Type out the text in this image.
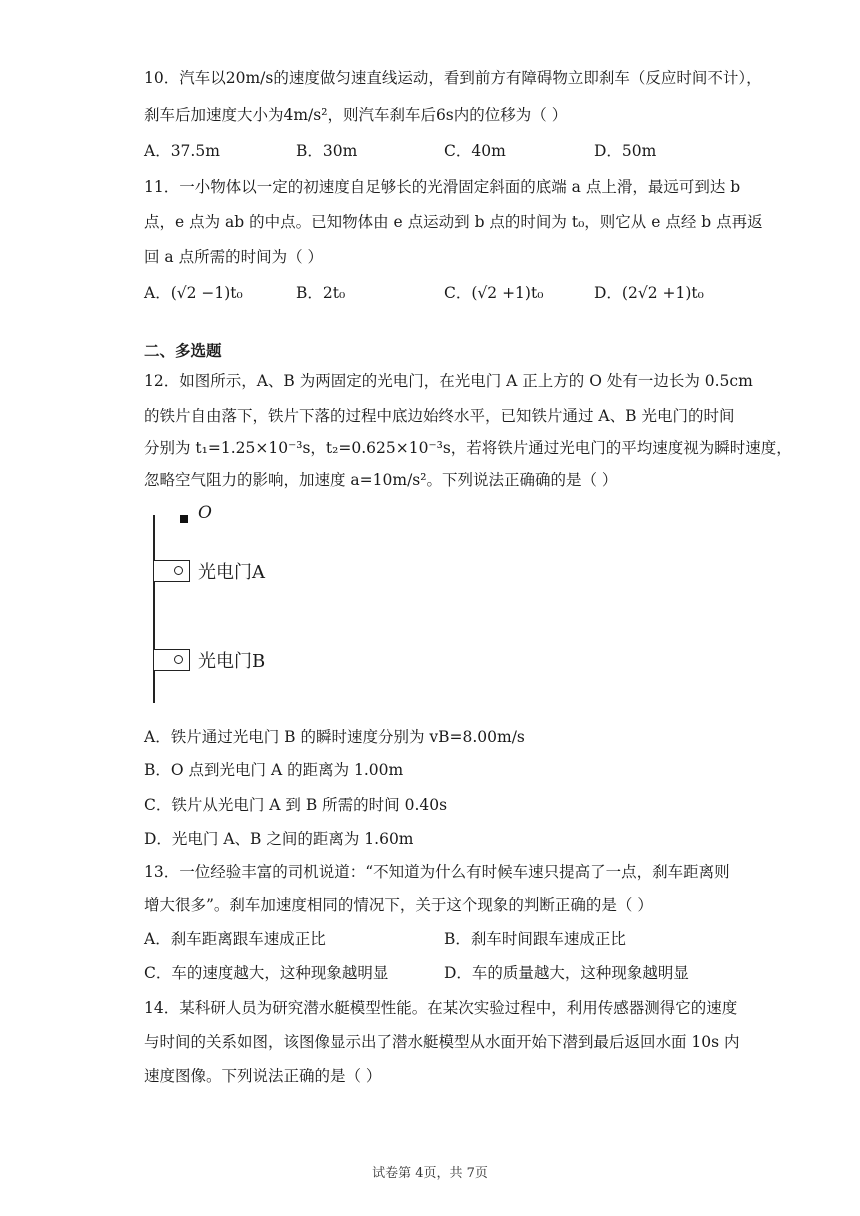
10．汽车以20m/s的速度做匀速直线运动，看到前方有障碍物立即刹车（反应时间不计），
刹车后加速度大小为4m/s²，则汽车刹车后6s内的位移为（ ）
A．37.5m	B．30m	C．40m	D．50m
11．一小物体以一定的初速度自足够长的光滑固定斜面的底端 a 点上滑，最远可到达 b
点，e 点为 ab 的中点。已知物体由 e 点运动到 b 点的时间为 t₀，则它从 e 点经 b 点再返
回 a 点所需的时间为（ ）
A．(√2 −1)t₀	B．2t₀	C．(√2 +1)t₀	D．(2√2 +1)t₀
二、多选题
12．如图所示，A、B 为两固定的光电门，在光电门 A 正上方的 O 处有一边长为 0.5cm
的铁片自由落下，铁片下落的过程中底边始终水平，已知铁片通过 A、B 光电门的时间
分别为 t₁=1.25×10⁻³s，t₂=0.625×10⁻³s，若将铁片通过光电门的平均速度视为瞬时速度，
忽略空气阻力的影响，加速度 a=10m/s²。下列说法正确确的是（ ）
O
光电门A
光电门B
A．铁片通过光电门 B 的瞬时速度分别为 vB=8.00m/s
B．O 点到光电门 A 的距离为 1.00m
C．铁片从光电门 A 到 B 所需的时间 0.40s
D．光电门 A、B 之间的距离为 1.60m
13．一位经验丰富的司机说道：“不知道为什么有时候车速只提高了一点，刹车距离则
增大很多”。刹车加速度相同的情况下，关于这个现象的判断正确的是（ ）
A．刹车距离跟车速成正比	B．刹车时间跟车速成正比
C．车的速度越大，这种现象越明显	D．车的质量越大，这种现象越明显
14．某科研人员为研究潜水艇模型性能。在某次实验过程中，利用传感器测得它的速度
与时间的关系如图，该图像显示出了潜水艇模型从水面开始下潜到最后返回水面 10s 内
速度图像。下列说法正确的是（ ）
试卷第 4页，共 7页
